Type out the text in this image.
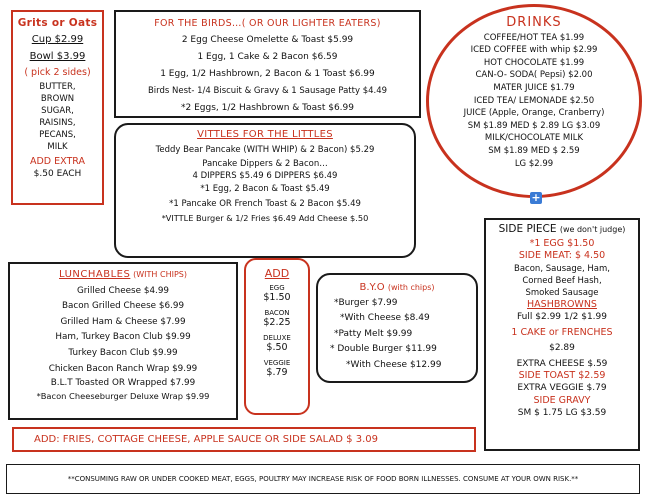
Grits or Oats
Cup $2.99
Bowl $3.99
( pick 2 sides)
BUTTER,
BROWN
SUGAR,
RAISINS,
PECANS,
MILK
ADD EXTRA
$.50 EACH
FOR THE BIRDS…( OR OUR LIGHTER EATERS)
2 Egg Cheese Omelette & Toast $5.99
1 Egg, 1 Cake & 2 Bacon $6.59
1 Egg, 1/2 Hashbrown, 2 Bacon & 1 Toast $6.99
Birds Nest- 1/4 Biscuit & Gravy & 1 Sausage Patty $4.49
*2 Eggs, 1/2 Hashbrown & Toast $6.99
DRINKS
COFFEE/HOT TEA $1.99
ICED COFFEE with whip $2.99
HOT CHOCOLATE $1.99
CAN-O- SODA( Pepsi) $2.00
MATER JUICE $1.79
ICED TEA/ LEMONADE $2.50
JUICE (Apple, Orange, Cranberry)
SM $1.89 MED $ 2.89 LG $3.09
MILK/CHOCOLATE MILK
SM $1.89 MED $ 2.59
LG $2.99
+
VITTLES FOR THE LITTLES
Teddy Bear Pancake (WITH WHIP) & 2 Bacon) $5.29
Pancake Dippers & 2 Bacon…
4 DIPPERS $5.49 6 DIPPERS $6.49
*1 Egg, 2 Bacon & Toast $5.49
*1 Pancake OR French Toast & 2 Bacon $5.49
*VITTLE Burger & 1/2 Fries $6.49 Add Cheese $.50
SIDE PIECE (we don't judge)
*1 EGG $1.50
SIDE MEAT: $ 4.50
Bacon, Sausage, Ham,
Corned Beef Hash,
Smoked Sausage
HASHBROWNS
Full $2.99 1/2 $1.99
1 CAKE or FRENCHES
$2.89
EXTRA CHEESE $.59
SIDE TOAST $2.59
EXTRA VEGGIE $.79
SIDE GRAVY
SM $ 1.75 LG $3.59
LUNCHABLES (WITH CHIPS)
Grilled Cheese $4.99
Bacon Grilled Cheese $6.99
Grilled Ham & Cheese $7.99
Ham, Turkey Bacon Club $9.99
Turkey Bacon Club $9.99
Chicken Bacon Ranch Wrap $9.99
B.L.T Toasted OR Wrapped $7.99
*Bacon Cheeseburger Deluxe Wrap $9.99
ADD
EGG
$1.50
BACON
$2.25
DELUXE
$.50
VEGGIE
$.79
B.Y.O (with chips)
*Burger $7.99
*With Cheese $8.49
*Patty Melt $9.99
* Double Burger $11.99
*With Cheese $12.99
ADD: FRIES, COTTAGE CHEESE, APPLE SAUCE OR SIDE SALAD $ 3.09
**CONSUMING RAW OR UNDER COOKED MEAT, EGGS, POULTRY MAY INCREASE RISK OF FOOD BORN ILLNESSES. CONSUME AT YOUR OWN RISK.**
